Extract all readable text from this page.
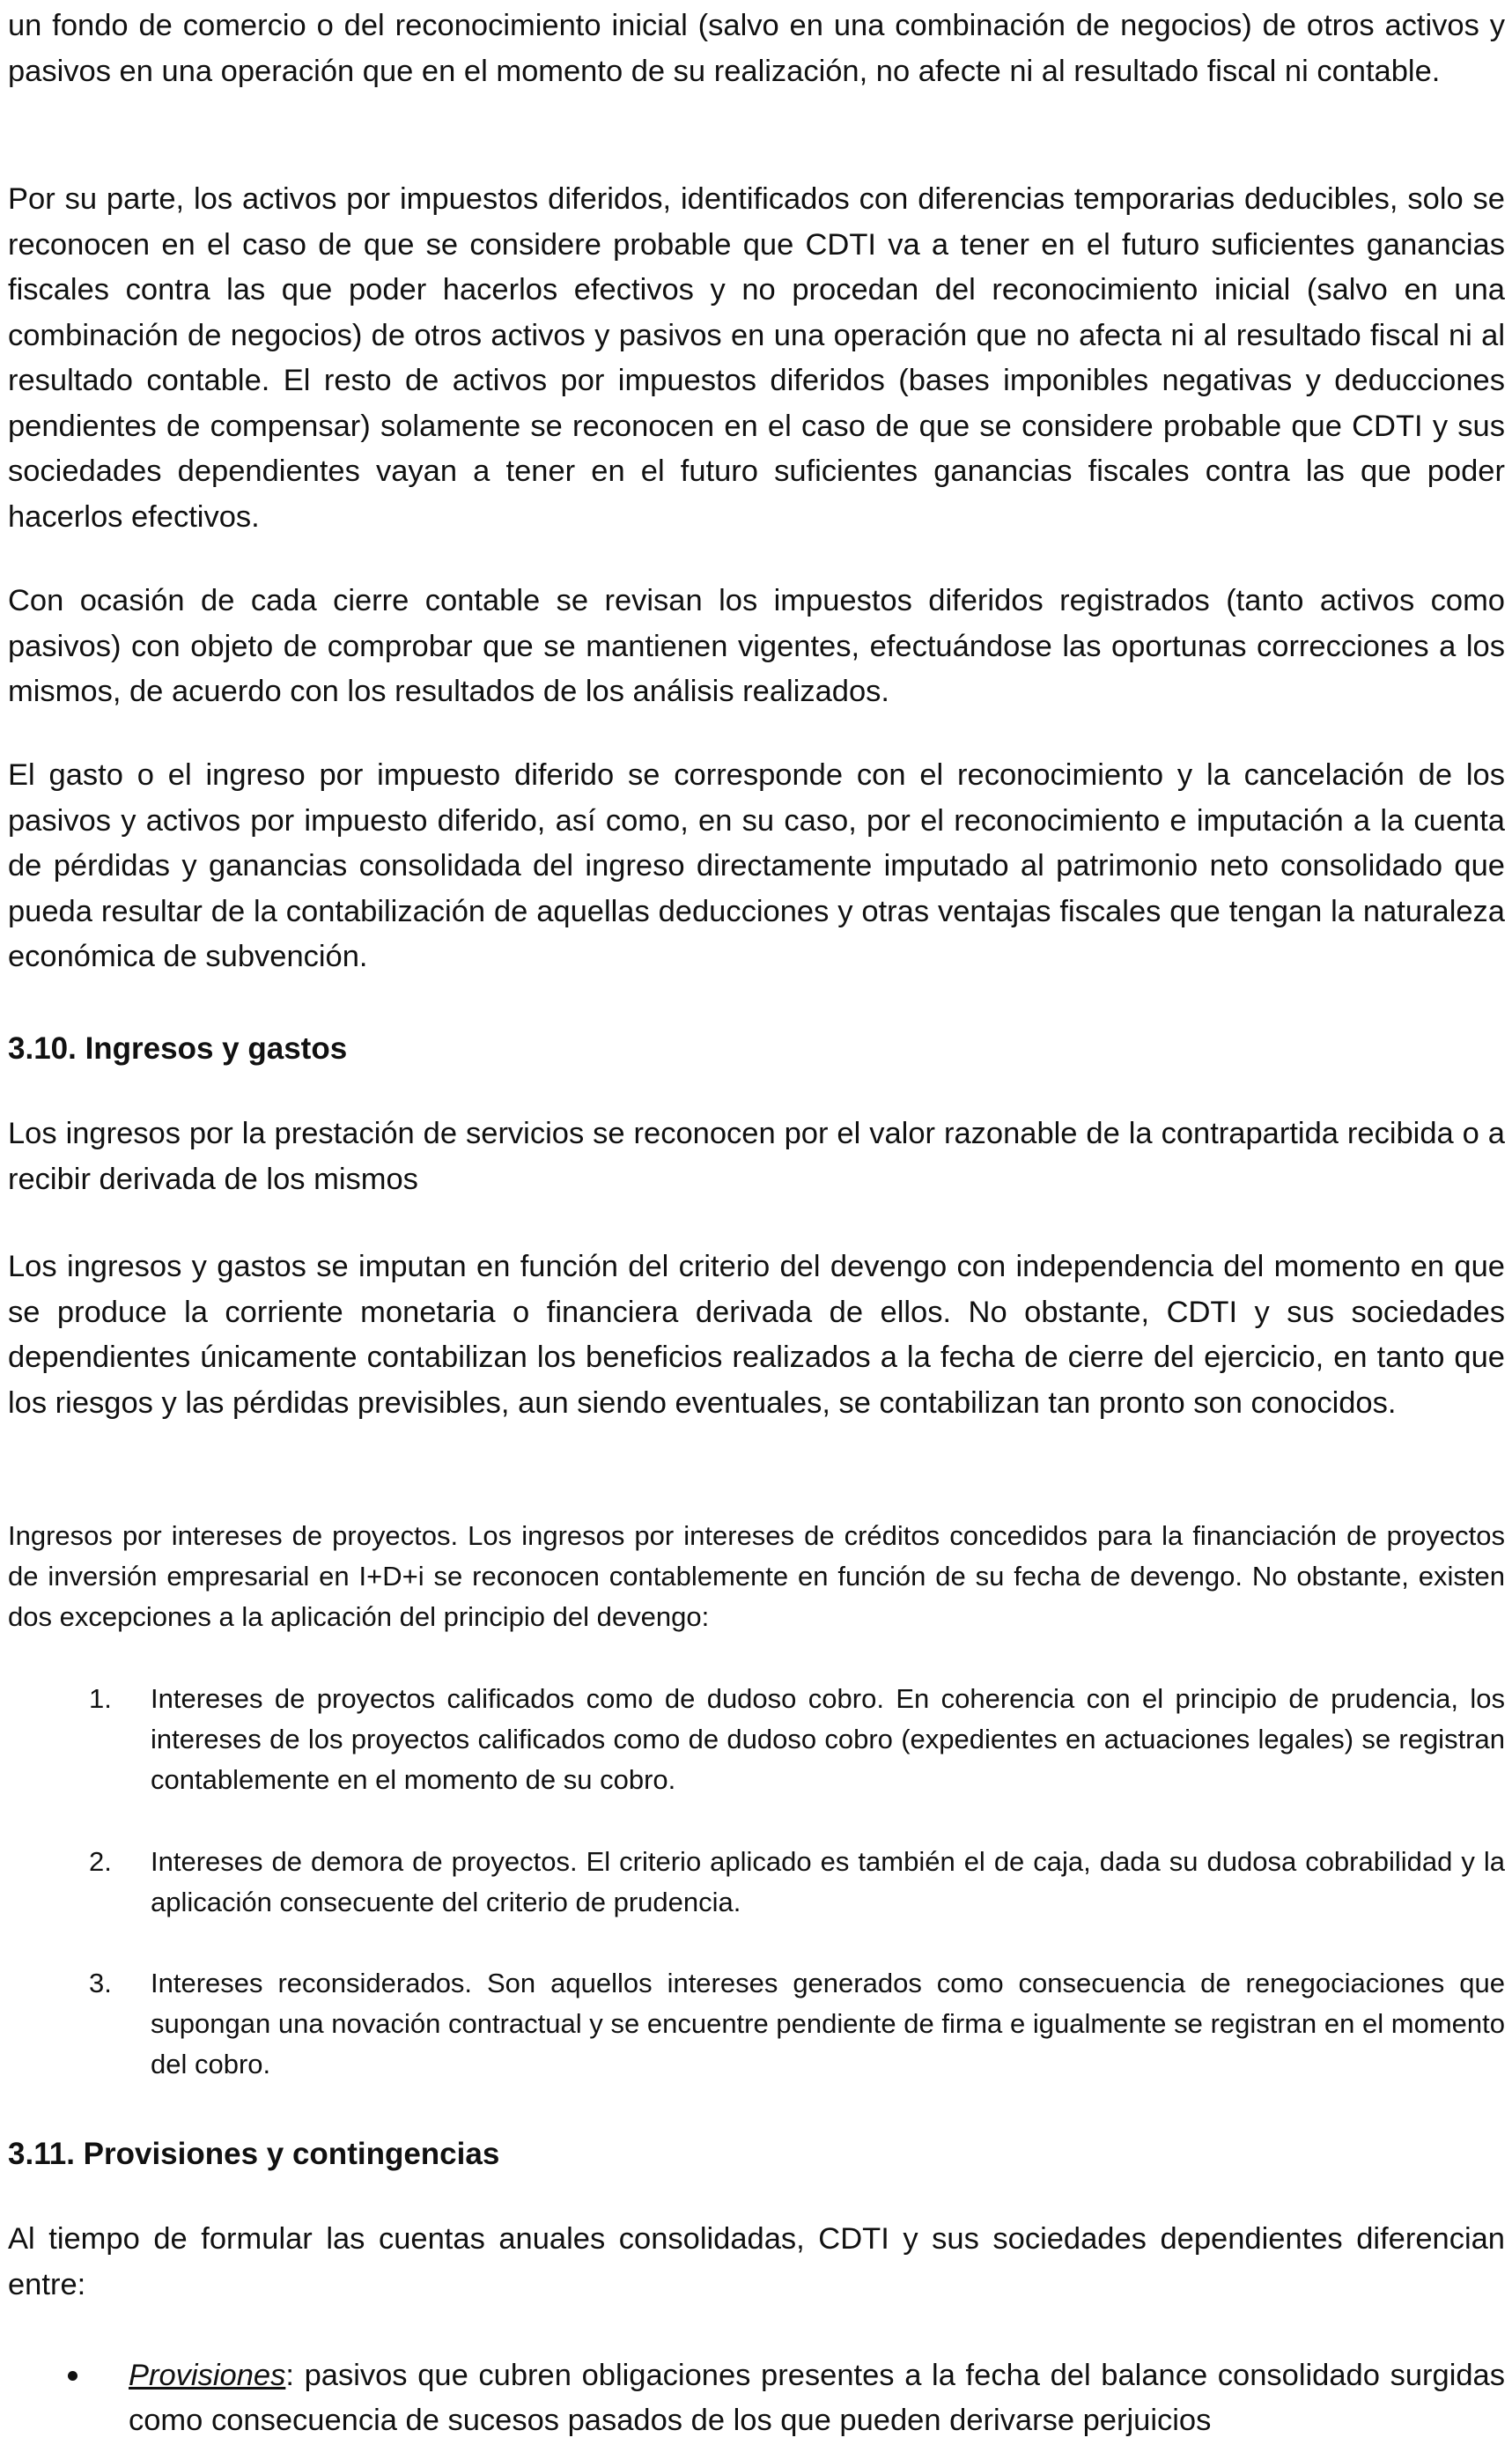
un fondo de comercio o del reconocimiento inicial (salvo en una combinación de negocios) de otros activos y pasivos en una operación que en el momento de su realización, no afecte ni al resultado fiscal ni contable.

Por su parte, los activos por impuestos diferidos, identificados con diferencias temporarias deducibles, solo se reconocen en el caso de que se considere probable que CDTI va a tener en el futuro suficientes ganancias fiscales contra las que poder hacerlos efectivos y no procedan del reconocimiento inicial (salvo en una combinación de negocios) de otros activos y pasivos en una operación que no afecta ni al resultado fiscal ni al resultado contable. El resto de activos por impuestos diferidos (bases imponibles negativas y deducciones pendientes de compensar) solamente se reconocen en el caso de que se considere probable que CDTI y sus sociedades dependientes vayan a tener en el futuro suficientes ganancias fiscales contra las que poder hacerlos efectivos.

Con ocasión de cada cierre contable se revisan los impuestos diferidos registrados (tanto activos como pasivos) con objeto de comprobar que se mantienen vigentes, efectuándose las oportunas correcciones a los mismos, de acuerdo con los resultados de los análisis realizados.

El gasto o el ingreso por impuesto diferido se corresponde con el reconocimiento y la cancelación de los pasivos y activos por impuesto diferido, así como, en su caso, por el reconocimiento e imputación a la cuenta de pérdidas y ganancias consolidada del ingreso directamente imputado al patrimonio neto consolidado que pueda resultar de la contabilización de aquellas deducciones y otras ventajas fiscales que tengan la naturaleza económica de subvención.

3.10. Ingresos y gastos

Los ingresos por la prestación de servicios se reconocen por el valor razonable de la contrapartida recibida o a recibir derivada de los mismos

Los ingresos y gastos se imputan en función del criterio del devengo con independencia del momento en que se produce la corriente monetaria o financiera derivada de ellos. No obstante, CDTI y sus sociedades dependientes únicamente contabilizan los beneficios realizados a la fecha de cierre del ejercicio, en tanto que los riesgos y las pérdidas previsibles, aun siendo eventuales, se contabilizan tan pronto son conocidos.

Ingresos por intereses de proyectos. Los ingresos por intereses de créditos concedidos para la financiación de proyectos de inversión empresarial en I+D+i se reconocen contablemente en función de su fecha de devengo. No obstante, existen dos excepciones a la aplicación del principio del devengo:

1. Intereses de proyectos calificados como de dudoso cobro. En coherencia con el principio de prudencia, los intereses de los proyectos calificados como de dudoso cobro (expedientes en actuaciones legales) se registran contablemente en el momento de su cobro.
2. Intereses de demora de proyectos. El criterio aplicado es también el de caja, dada su dudosa cobrabilidad y la aplicación consecuente del criterio de prudencia.
3. Intereses reconsiderados. Son aquellos intereses generados como consecuencia de renegociaciones que supongan una novación contractual y se encuentre pendiente de firma e igualmente se registran en el momento del cobro.
3.11. Provisiones y contingencias

Al tiempo de formular las cuentas anuales consolidadas, CDTI y sus sociedades dependientes diferencian entre:

Provisiones: pasivos que cubren obligaciones presentes a la fecha del balance consolidado surgidas como consecuencia de sucesos pasados de los que pueden derivarse perjuicios
